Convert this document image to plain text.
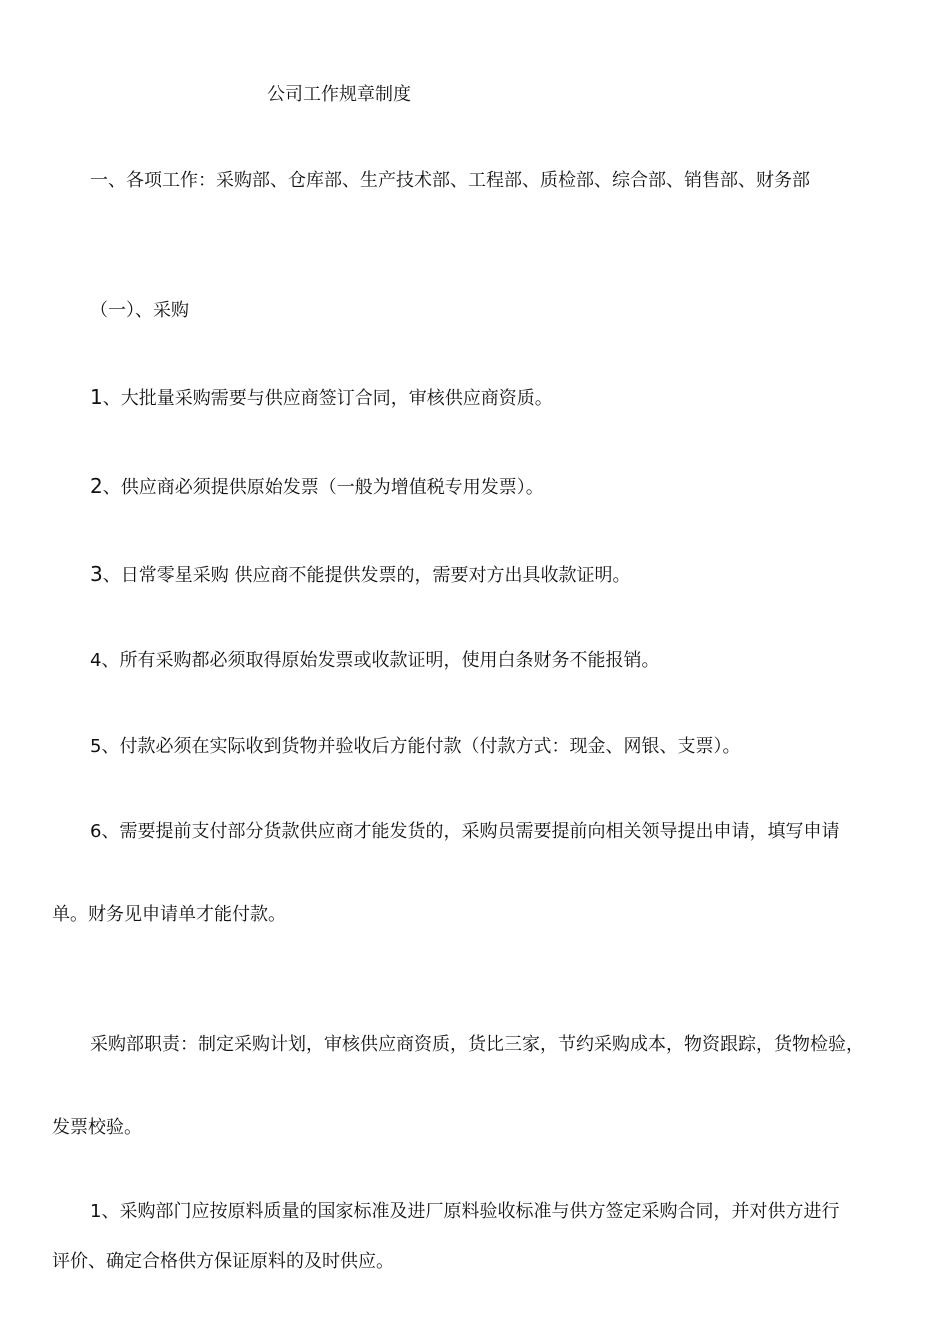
公司工作规章制度
一、各项工作：采购部、仓库部、生产技术部、工程部、质检部、综合部、销售部、财务部
（一）、采购
1、大批量采购需要与供应商签订合同，审核供应商资质。
2、供应商必须提供原始发票（一般为增值税专用发票）。
3、日常零星采购 供应商不能提供发票的，需要对方出具收款证明。
4、所有采购都必须取得原始发票或收款证明，使用白条财务不能报销。
5、付款必须在实际收到货物并验收后方能付款（付款方式：现金、网银、支票）。
6、需要提前支付部分货款供应商才能发货的，采购员需要提前向相关领导提出申请，填写申请
单。财务见申请单才能付款。
采购部职责：制定采购计划，审核供应商资质，货比三家，节约采购成本，物资跟踪，货物检验，
发票校验。
1、采购部门应按原料质量的国家标准及进厂原料验收标准与供方签定采购合同，并对供方进行
评价、确定合格供方保证原料的及时供应。
